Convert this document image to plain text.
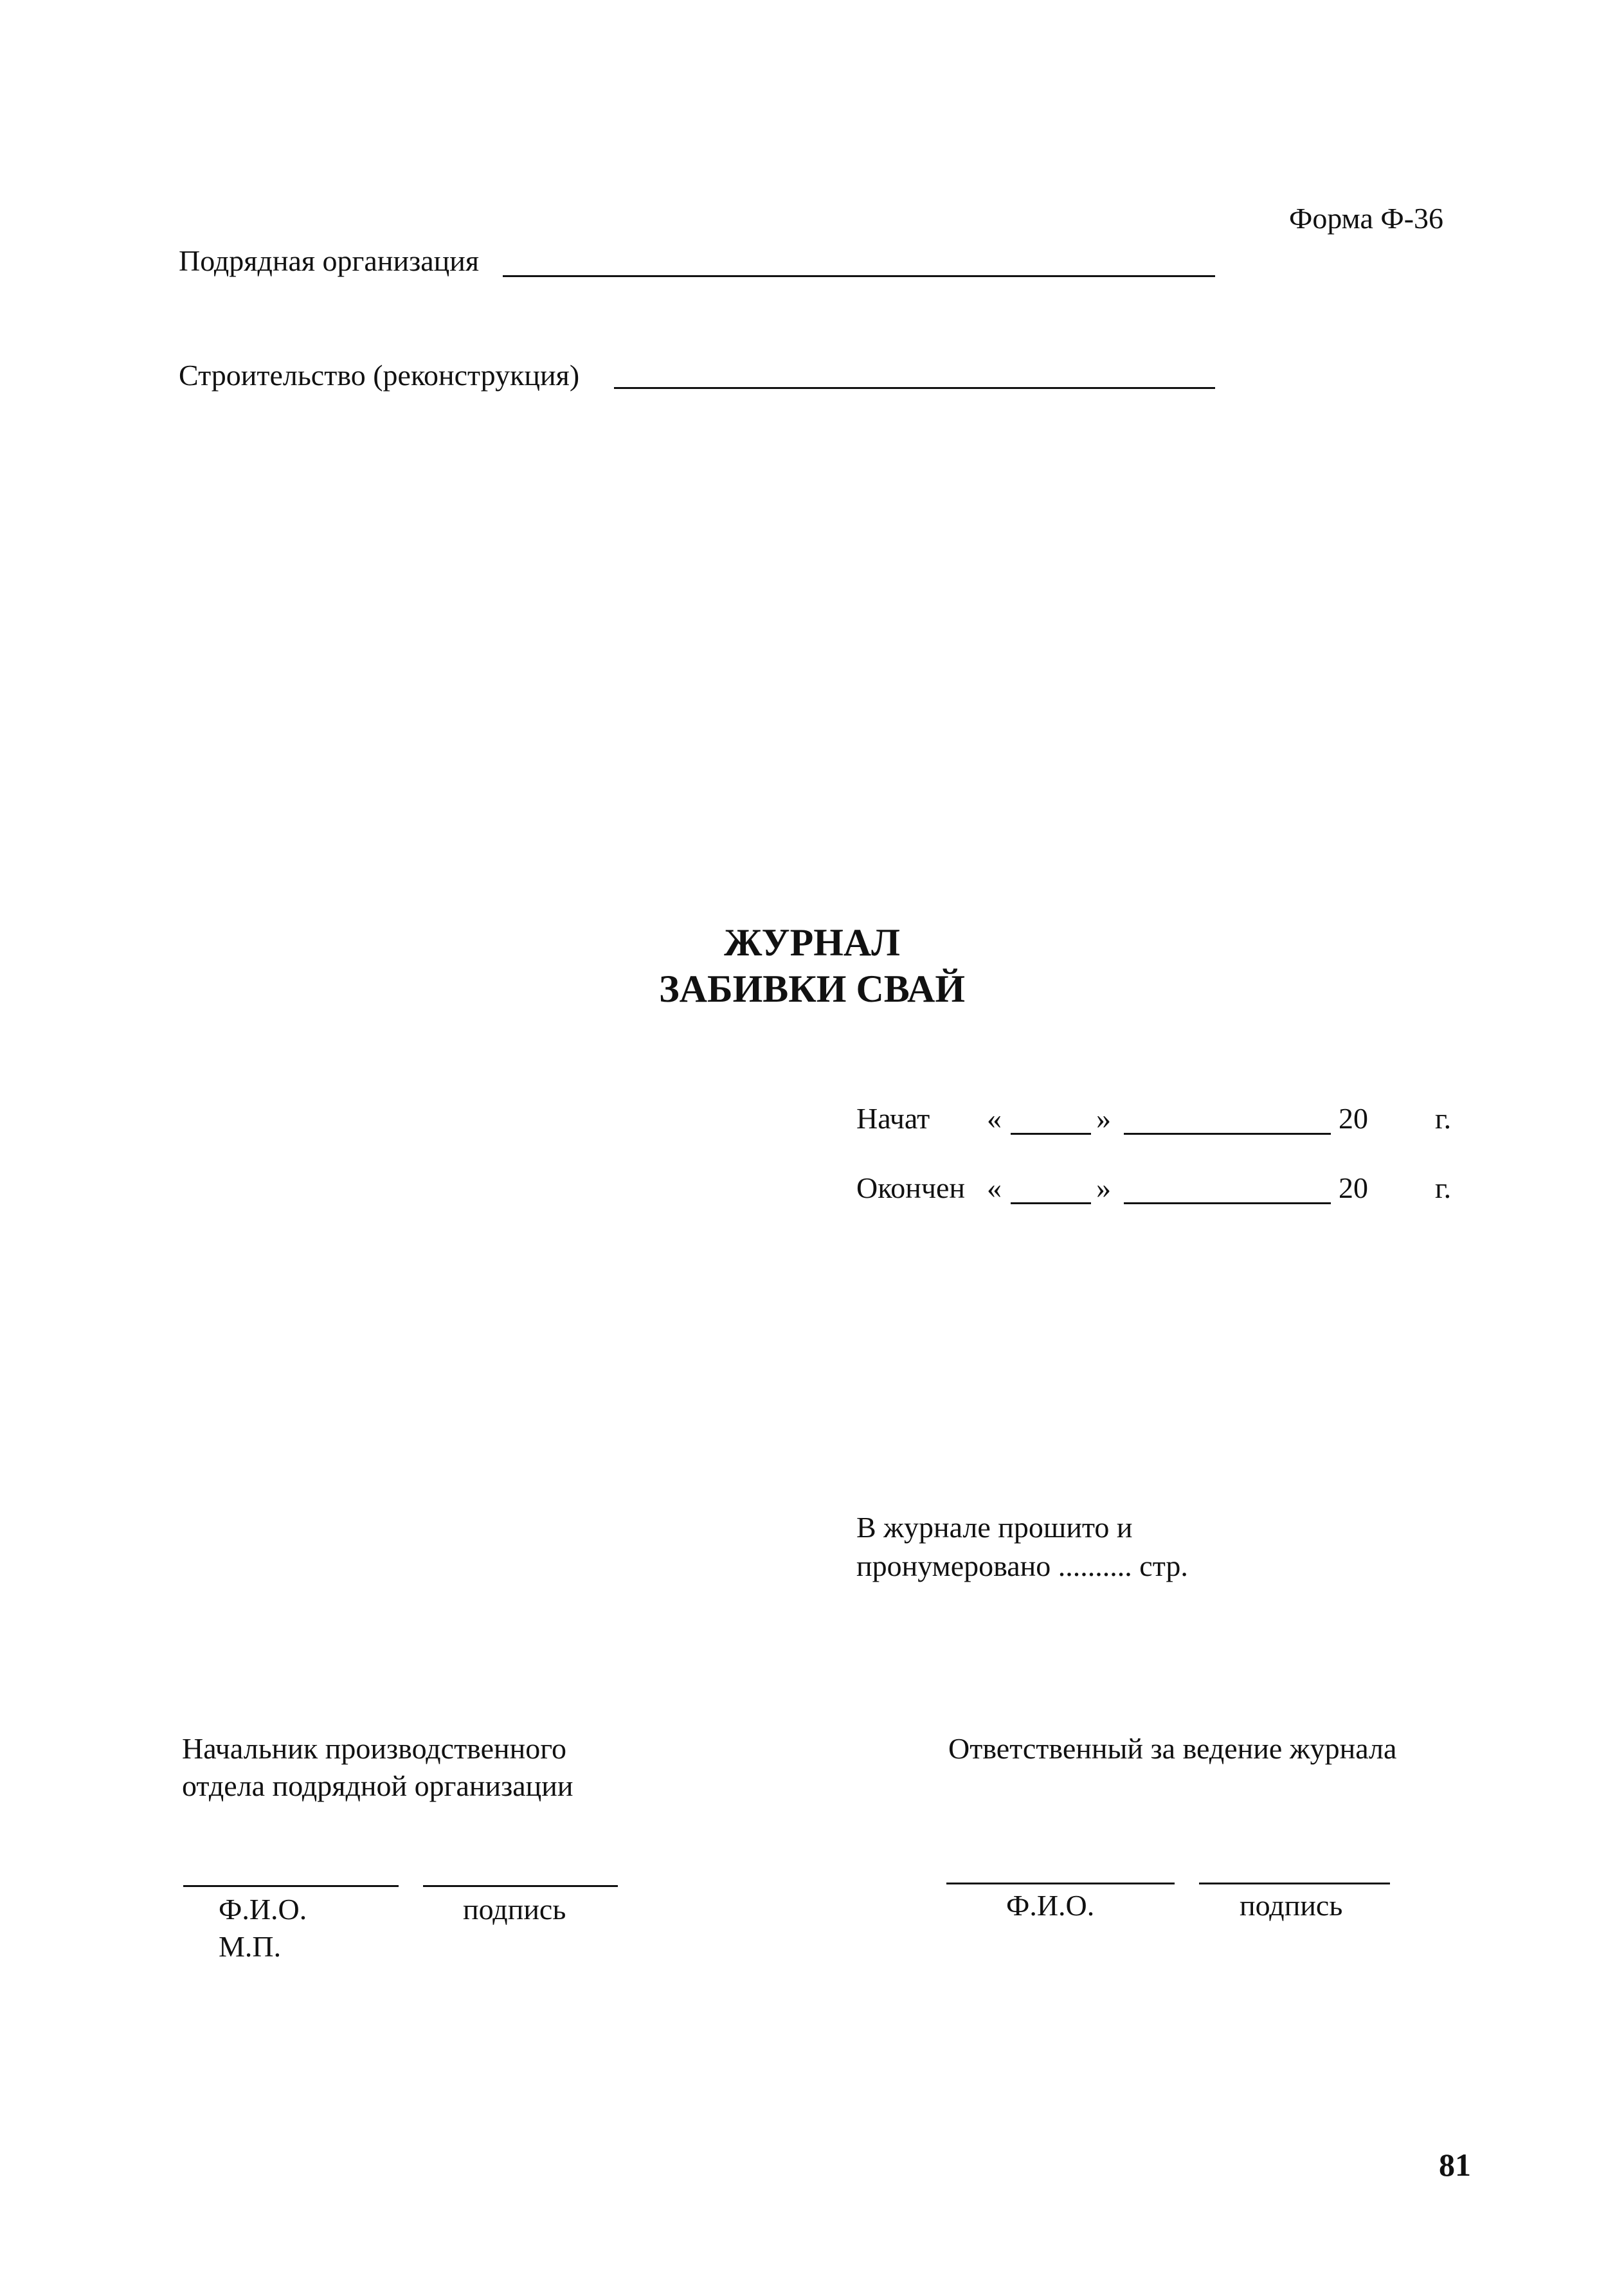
Форма Ф-36
Подрядная организация
Строительство (реконструкция)
ЖУРНАЛ
ЗАБИВКИ СВАЙ
Начат «	»	20 г.
Окончен «	»	20 г.
В журнале прошито и
пронумеровано .......... стр.
Начальник производственного
отдела подрядной организации
Ф.И.О.	подпись
М.П.
Ответственный за ведение журнала
Ф.И.О.	подпись
81
